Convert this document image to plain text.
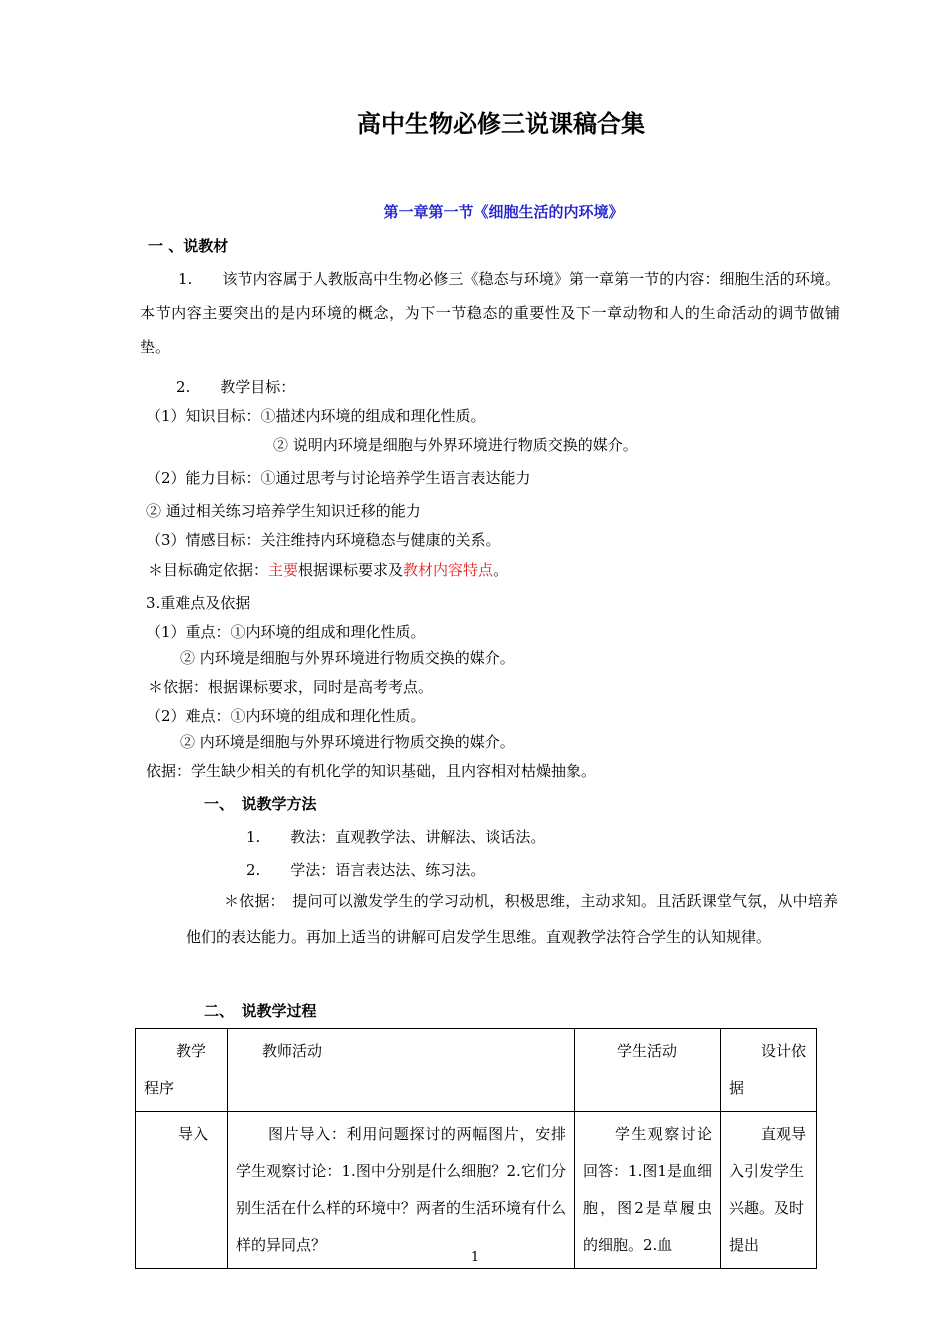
高中生物必修三说课稿合集
第一章第一节《细胞生活的内环境》
一 、说教材
1.　　该节内容属于人教版高中生物必修三《稳态与环境》第一章第一节的内容：细胞生活的环境。本节内容主要突出的是内环境的概念，为下一节稳态的重要性及下一章动物和人的生命活动的调节做铺垫。
2.　　教学目标：
（1）知识目标：①描述内环境的组成和理化性质。
② 说明内环境是细胞与外界环境进行物质交换的媒介。
（2）能力目标：①通过思考与讨论培养学生语言表达能力
② 通过相关练习培养学生知识迁移的能力
（3）情感目标：关注维持内环境稳态与健康的关系。
＊目标确定依据：主要根据课标要求及教材内容特点。
3.重难点及依据
（1）重点：①内环境的组成和理化性质。
② 内环境是细胞与外界环境进行物质交换的媒介。
＊依据：根据课标要求，同时是高考考点。
（2）难点：①内环境的组成和理化性质。
② 内环境是细胞与外界环境进行物质交换的媒介。
依据：学生缺少相关的有机化学的知识基础，且内容相对枯燥抽象。
一、　说教学方法
1.　　教法：直观教学法、讲解法、谈话法。
2.　　学法：语言表达法、练习法。
＊依据：　提问可以激发学生的学习动机，积极思维，主动求知。且活跃课堂气氛，从中培养他们的表达能力。再加上适当的讲解可启发学生思维。直观教学法符合学生的认知规律。
二、　说教学过程
教学程序	教师活动	学生活动	设计依据
导入	图片导入：利用问题探讨的两幅图片，安排学生观察讨论：1.图中分别是什么细胞？2.它们分别生活在什么样的环境中？两者的生活环境有什么样的异同点？	学生观察讨论回答：1.图1是血细胞，图2是草履虫的细胞。2.血	直观导入引发学生兴趣。及时提出
1
